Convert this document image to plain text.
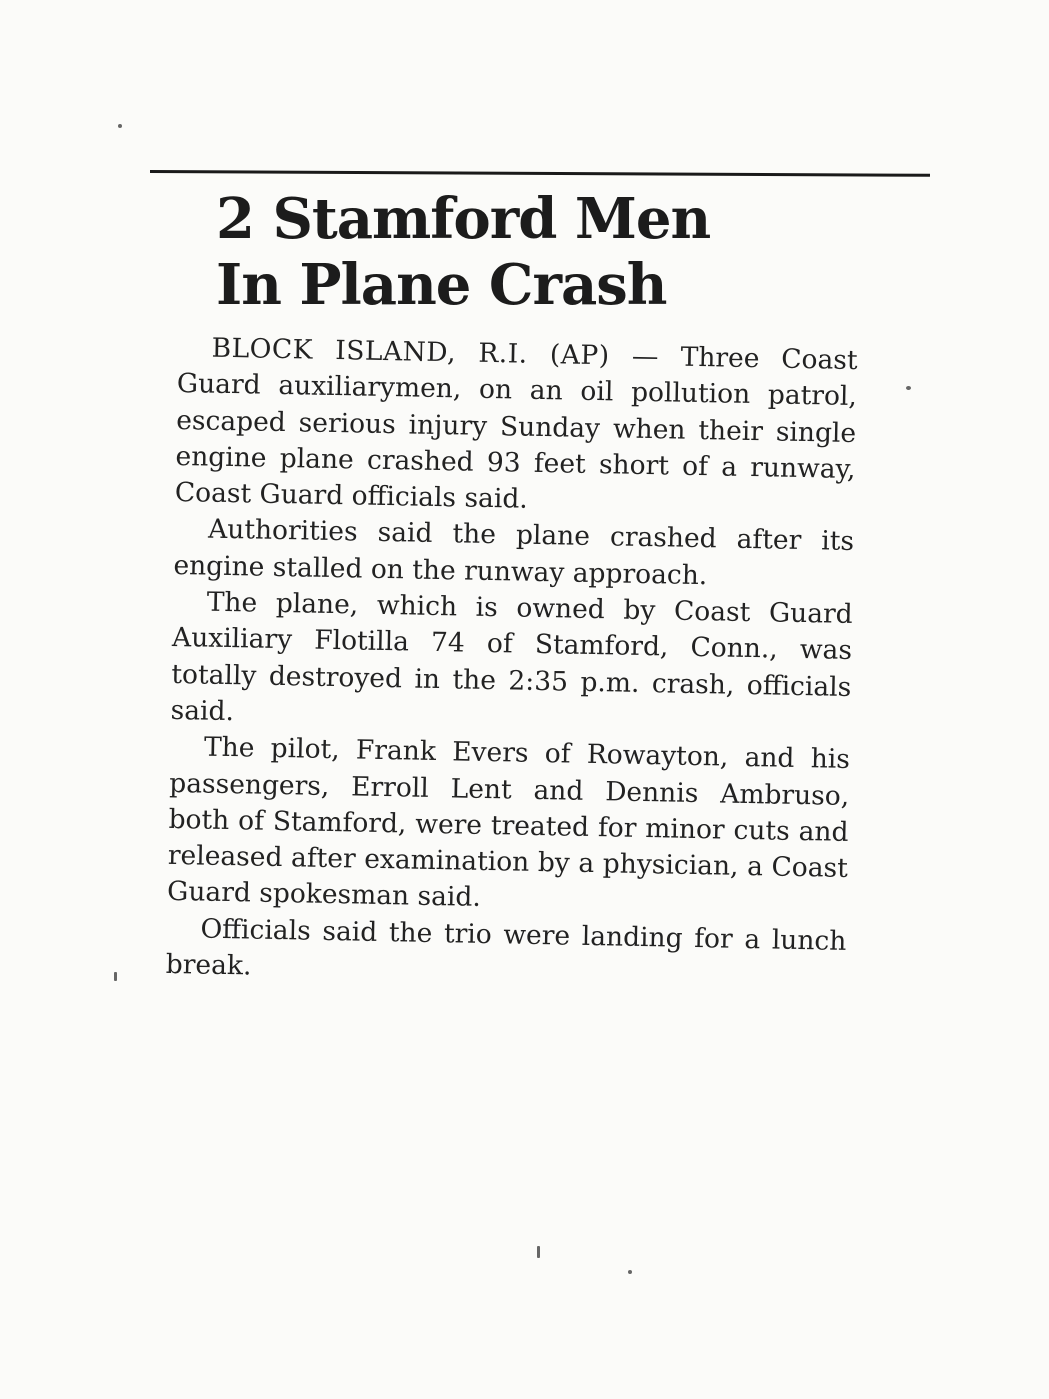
2 Stamford Men
In Plane Crash

BLOCK ISLAND, R.I. (AP) — Three Coast Guard auxiliarymen, on an oil pollution patrol, escaped serious injury Sunday when their single engine plane crashed 93 feet short of a runway, Coast Guard officials said.

Authorities said the plane crashed after its engine stalled on the runway approach.

The plane, which is owned by Coast Guard Auxiliary Flotilla 74 of Stamford, Conn., was totally destroyed in the 2:35 p.m. crash, officials said.

The pilot, Frank Evers of Rowayton, and his passengers, Erroll Lent and Dennis Ambruso, both of Stamford, were treated for minor cuts and released after examination by a physician, a Coast Guard spokesman said.

Officials said the trio were landing for a lunch break.
